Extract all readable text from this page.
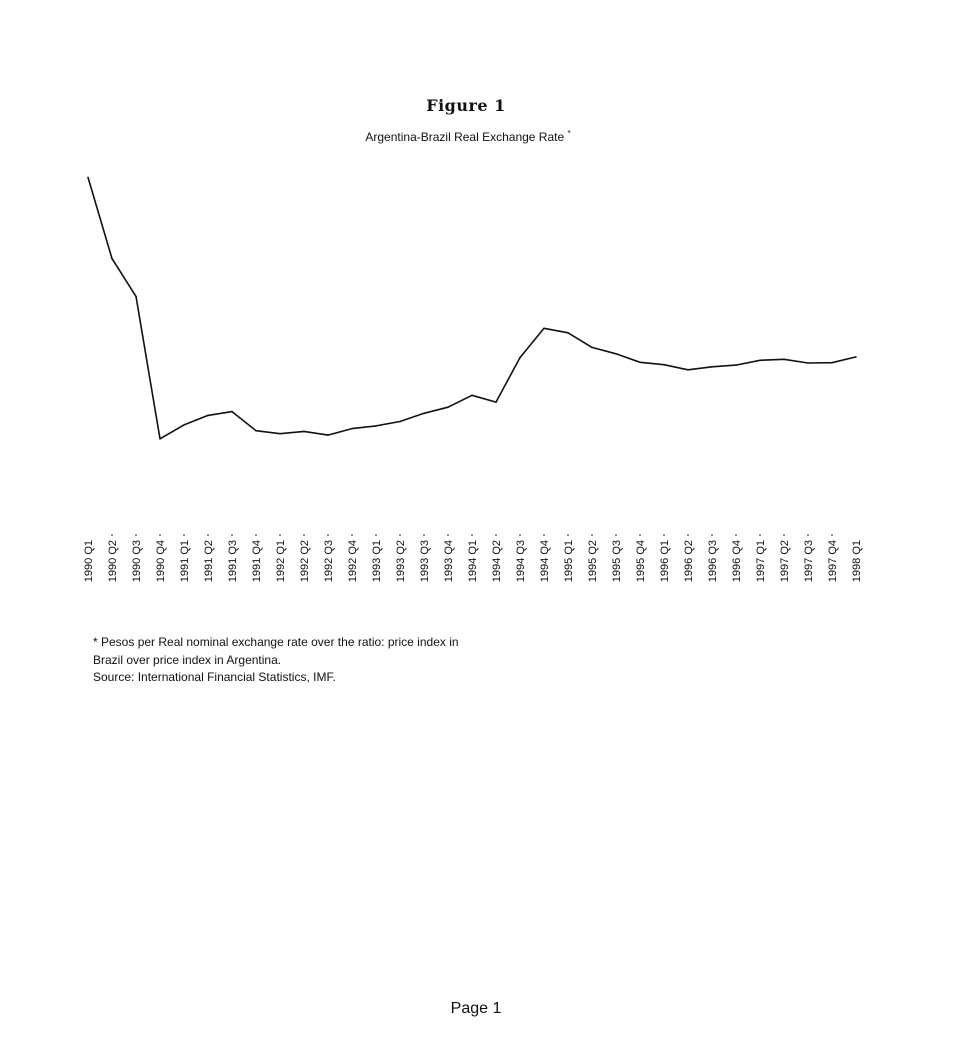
Figure 1
Argentina-Brazil Real Exchange Rate *
1990 Q1 1990 Q2 1990 Q3 1990 Q4 1991 Q1 1991 Q2 1991 Q3 1991 Q4 1992 Q1 1992 Q2 1992 Q3 1992 Q4 1993 Q1 1993 Q2 1993 Q3 1993 Q4 1994 Q1 1994 Q2 1994 Q3 1994 Q4 1995 Q1 1995 Q2 1995 Q3 1995 Q4 1996 Q1 1996 Q2 1996 Q3 1996 Q4 1997 Q1 1997 Q2 1997 Q3 1997 Q4 1998 Q1
* Pesos per Real nominal exchange rate over the ratio: price index in
Brazil over price index in Argentina.
Source: International Financial Statistics, IMF.
Page 1
